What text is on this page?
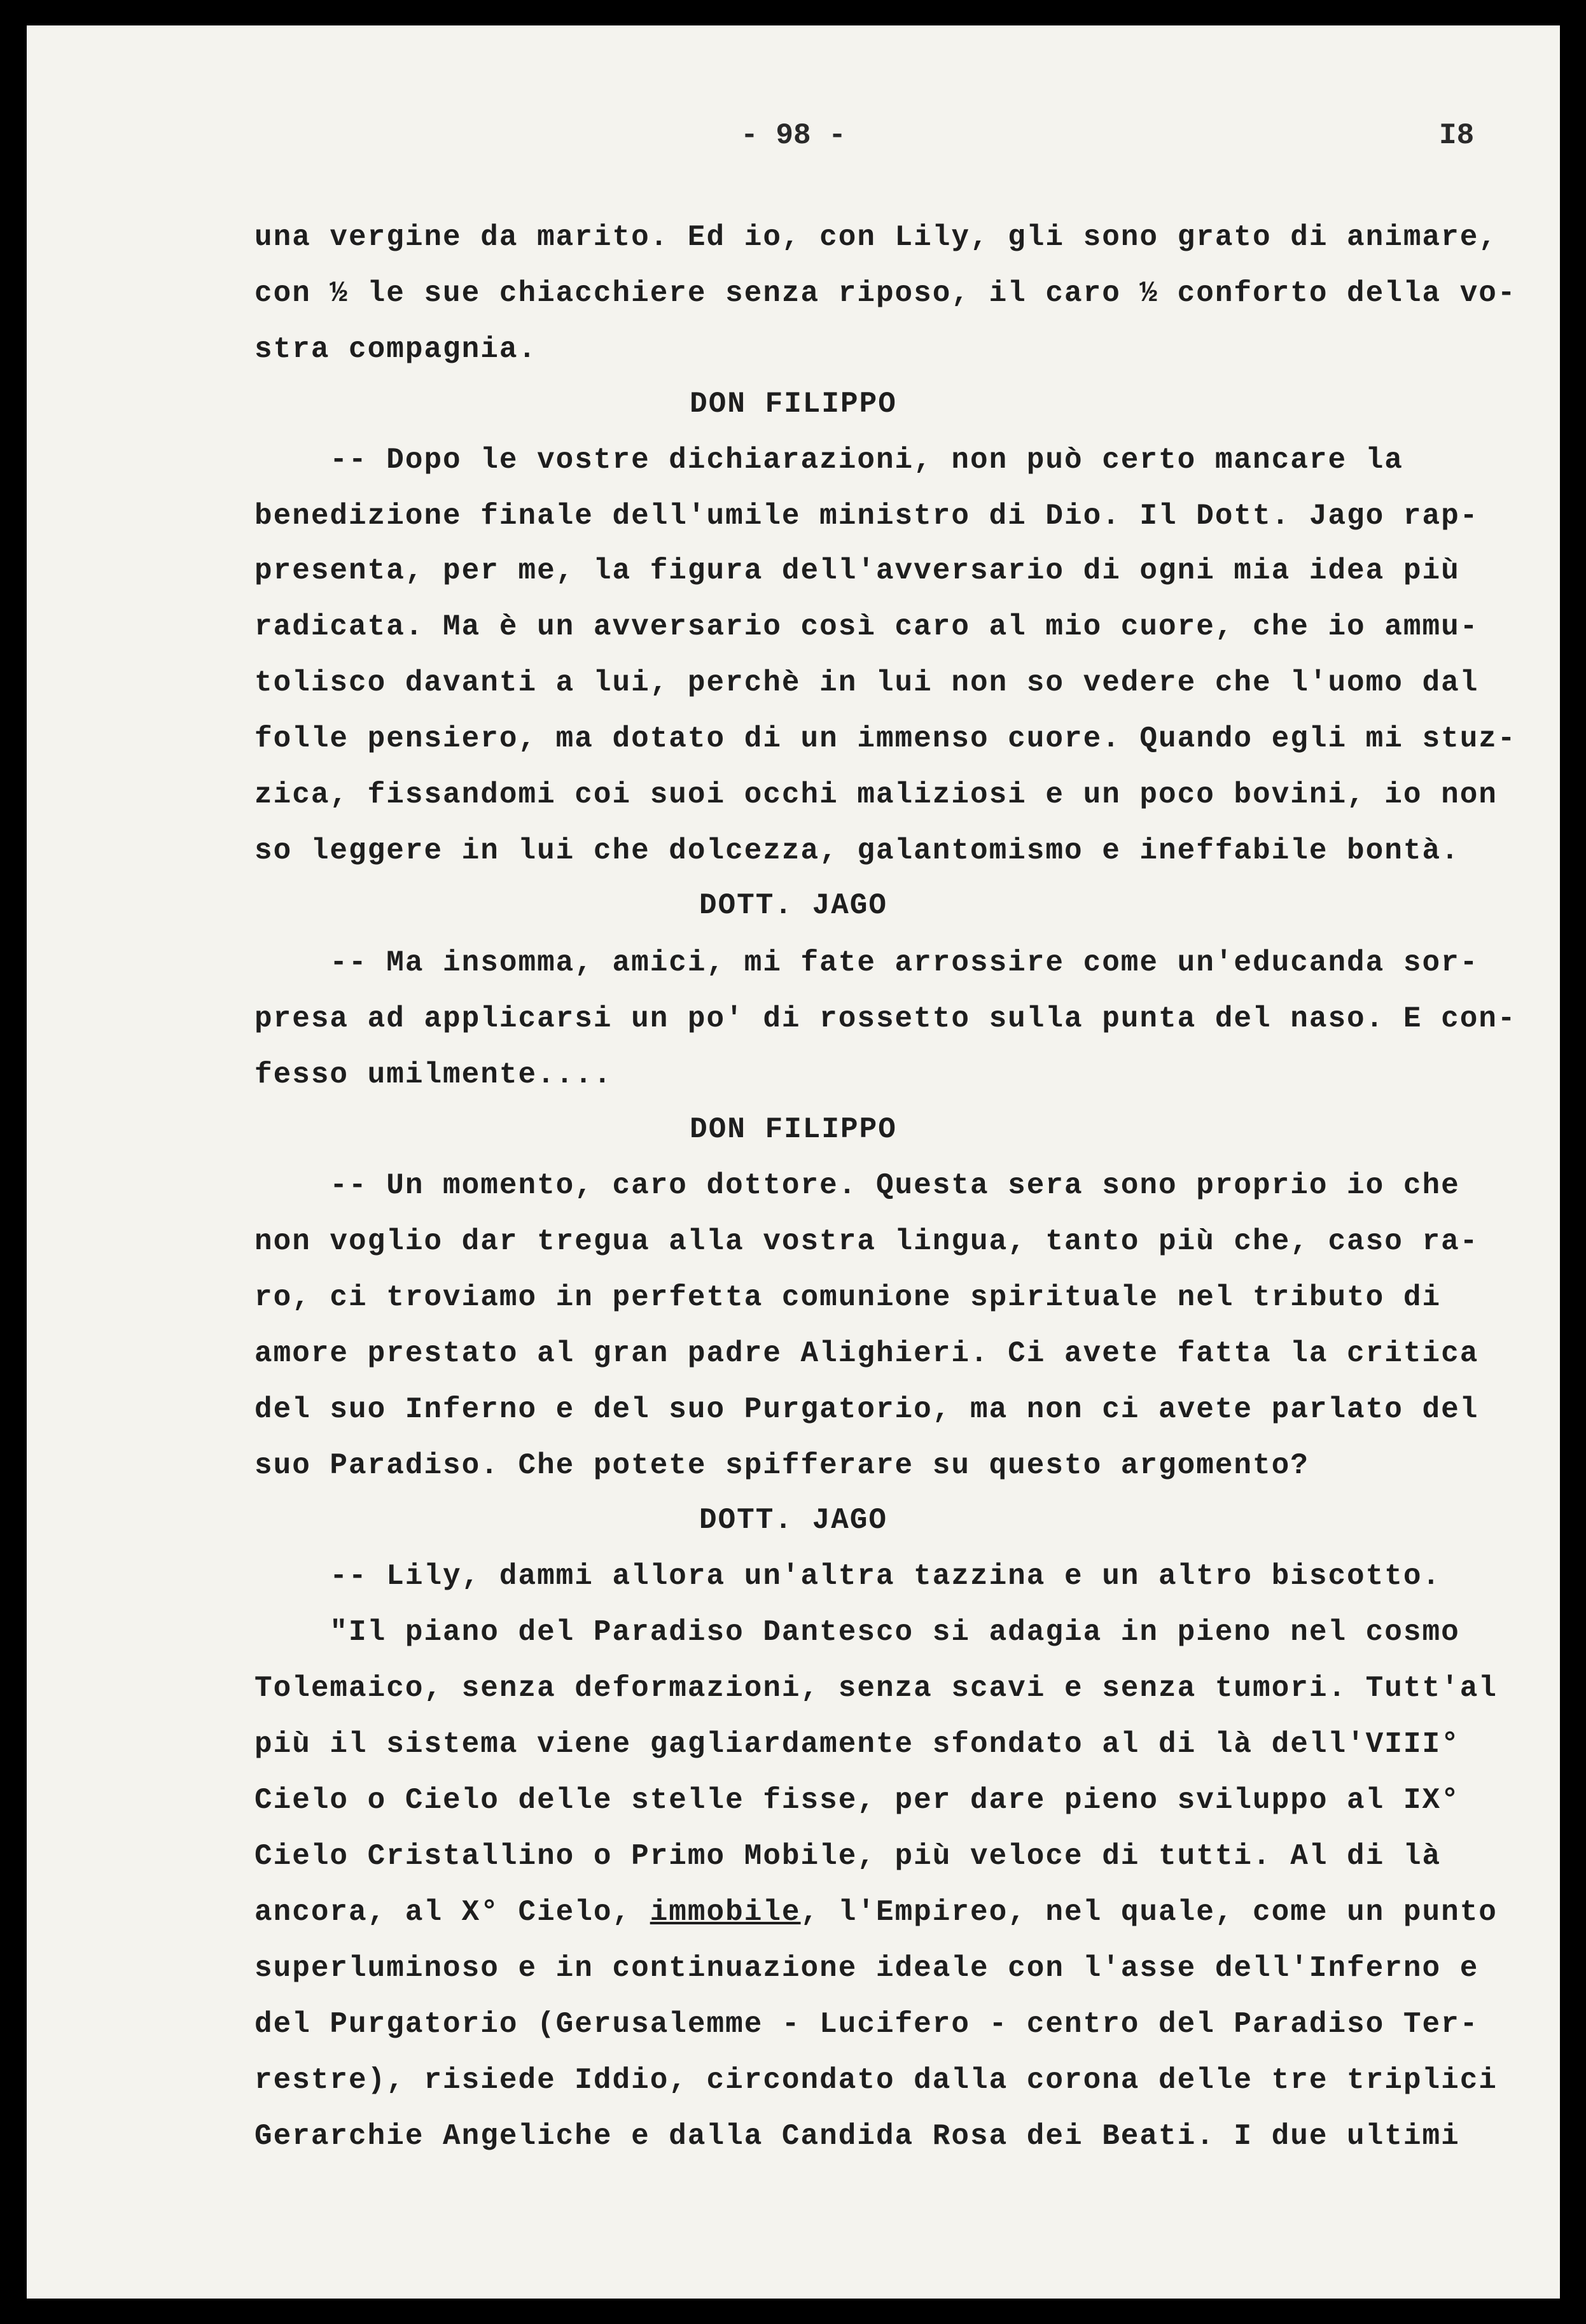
- 98 -	I8
una vergine da marito. Ed io, con Lily, gli sono grato di animare,
con ½ le sue chiacchiere senza riposo, il caro ½ conforto della vo-
stra compagnia.
DON FILIPPO
-- Dopo le vostre dichiarazioni, non può certo mancare la
benedizione finale dell'umile ministro di Dio. Il Dott. Jago rap-
presenta, per me, la figura dell'avversario di ogni mia idea più
radicata. Ma è un avversario così caro al mio cuore, che io ammu-
tolisco davanti a lui, perchè in lui non so vedere che l'uomo dal
folle pensiero, ma dotato di un immenso cuore. Quando egli mi stuz-
zica, fissandomi coi suoi occhi maliziosi e un poco bovini, io non
so leggere in lui che dolcezza, galantomismo e ineffabile bontà.
DOTT. JAGO
-- Ma insomma, amici, mi fate arrossire come un'educanda sor-
presa ad applicarsi un po' di rossetto sulla punta del naso. E con-
fesso umilmente....
DON FILIPPO
-- Un momento, caro dottore. Questa sera sono proprio io che
non voglio dar tregua alla vostra lingua, tanto più che, caso ra-
ro, ci troviamo in perfetta comunione spirituale nel tributo di
amore prestato al gran padre Alighieri. Ci avete fatta la critica
del suo Inferno e del suo Purgatorio, ma non ci avete parlato del
suo Paradiso. Che potete spifferare su questo argomento?
DOTT. JAGO
-- Lily, dammi allora un'altra tazzina e un altro biscotto.
"Il piano del Paradiso Dantesco si adagia in pieno nel cosmo
Tolemaico, senza deformazioni, senza scavi e senza tumori. Tutt'al
più il sistema viene gagliardamente sfondato al di là dell'VIII°
Cielo o Cielo delle stelle fisse, per dare pieno sviluppo al IX°
Cielo Cristallino o Primo Mobile, più veloce di tutti. Al di là
ancora, al X° Cielo, immobile, l'Empireo, nel quale, come un punto
superluminoso e in continuazione ideale con l'asse dell'Inferno e
del Purgatorio (Gerusalemme - Lucifero - centro del Paradiso Ter-
restre), risiede Iddio, circondato dalla corona delle tre triplici
Gerarchie Angeliche e dalla Candida Rosa dei Beati. I due ultimi
